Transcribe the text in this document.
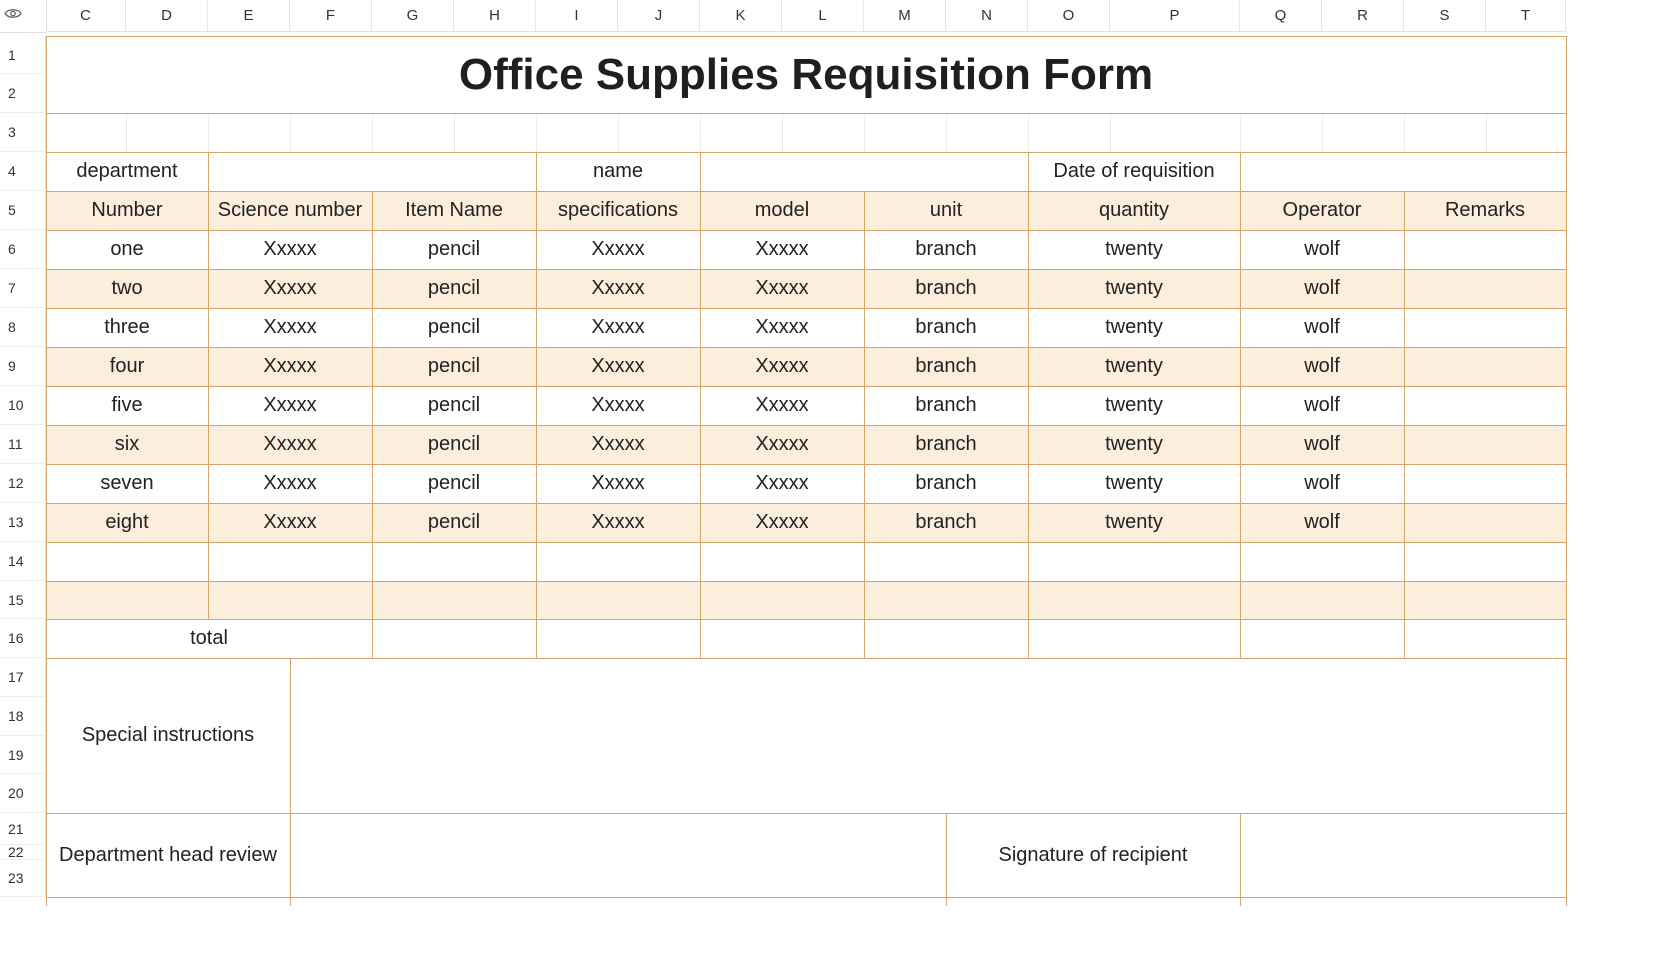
C	D	E	F	G	H	I	J	K	L	M	N	O	P	Q	R	S	T
1
2
3
4
5
6
7
8
9
10
11
12
13
14
15
16
17
18
19
20
21
22
23
Office Supplies Requisition Form
department	name	Date of requisition
Number	Science number	Item Name	specifications	model	unit	quantity	Operator	Remarks
one	Xxxxx	pencil	Xxxxx	Xxxxx	branch	twenty	wolf
two	Xxxxx	pencil	Xxxxx	Xxxxx	branch	twenty	wolf
three	Xxxxx	pencil	Xxxxx	Xxxxx	branch	twenty	wolf
four	Xxxxx	pencil	Xxxxx	Xxxxx	branch	twenty	wolf
five	Xxxxx	pencil	Xxxxx	Xxxxx	branch	twenty	wolf
six	Xxxxx	pencil	Xxxxx	Xxxxx	branch	twenty	wolf
seven	Xxxxx	pencil	Xxxxx	Xxxxx	branch	twenty	wolf
eight	Xxxxx	pencil	Xxxxx	Xxxxx	branch	twenty	wolf
total
Special instructions
Department head review	Signature of recipient
